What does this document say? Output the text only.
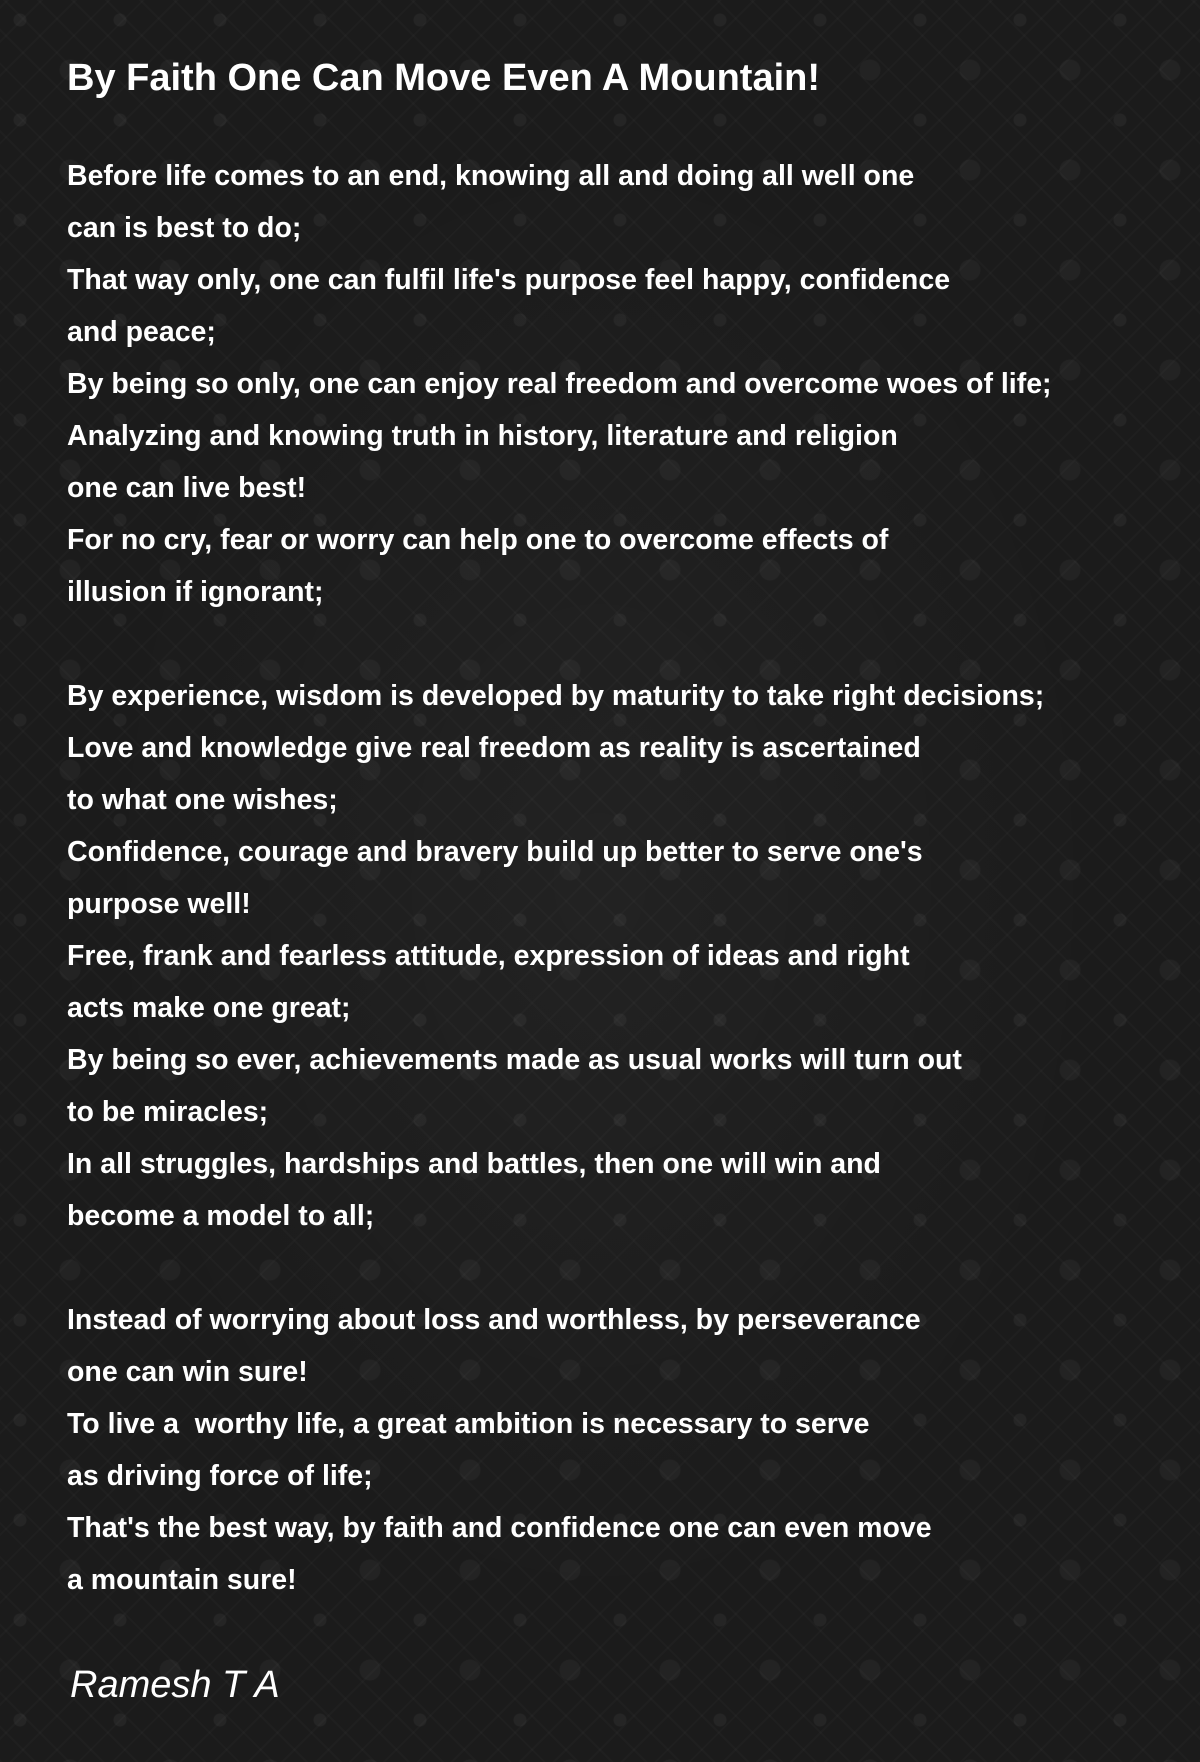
By Faith One Can Move Even A Mountain!
Before life comes to an end, knowing all and doing all well one
can is best to do;
That way only, one can fulfil life's purpose feel happy, confidence
and peace;
By being so only, one can enjoy real freedom and overcome woes of life;
Analyzing and knowing truth in history, literature and religion
one can live best!
For no cry, fear or worry can help one to overcome effects of
illusion if ignorant;
By experience, wisdom is developed by maturity to take right decisions;
Love and knowledge give real freedom as reality is ascertained
to what one wishes;
Confidence, courage and bravery build up better to serve one's
purpose well!
Free, frank and fearless attitude, expression of ideas and right
acts make one great;
By being so ever, achievements made as usual works will turn out
to be miracles;
In all struggles, hardships and battles, then one will win and
become a model to all;
Instead of worrying about loss and worthless, by perseverance
one can win sure!
To live a  worthy life, a great ambition is necessary to serve
as driving force of life;
That's the best way, by faith and confidence one can even move
a mountain sure!
Ramesh T A
